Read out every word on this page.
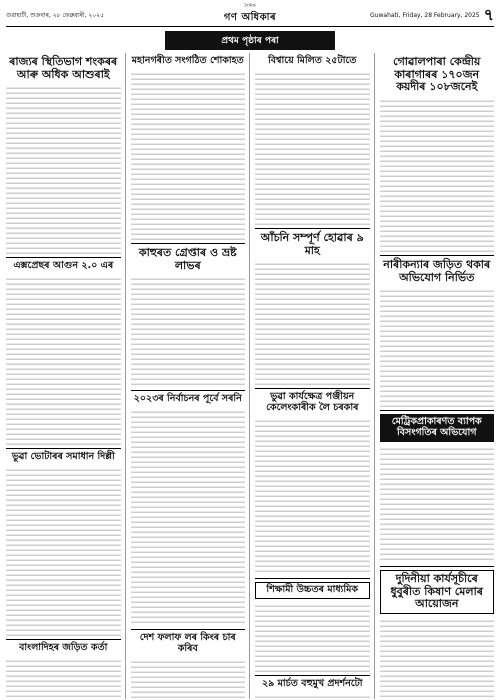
গুৱাহাটী, শুক্ৰবাৰ, ২৮ ফেব্ৰুৱাৰী, ২০২৫
দৈনিক
গণ অধিকাৰ	Guwahati, Friday, 28 February, 2025 ৭
প্ৰথম পৃষ্ঠাৰ পৰা
ৰাজ্যৰ স্থিতিভাগ শংকৰৰ আৰু অধিক আশুৰাই
এক্সপ্ৰেছৰ আগুন ২.০ এৰ
ভুৱা ভোটাৰৰ সমাধান দিল্লী
বাংলাদিহৰ জড়িত কৰ্তা
মহানগৰীত সংগঠিত শোকাহত
কাহুৰত গ্ৰেপ্তাৰ ও ভ্ৰষ্ট লাভৰ
২০২৩ৰ নিৰ্বাচনৰ পূৰ্বে সৰনি
দেশ ফলাফ লৰ কিংৰ চাৰ কৰিব
বিশ্বায়ে মিলিত ২৫টাতে
আঁচনি সম্পূৰ্ণ হোৱাৰ ৯ মাহ
ভুৱা কাৰ্যক্ষেত্ৰ পঞ্জীয়ন কেলেংকাৰীক লৈ চৰকাৰ
শিক্ষামী উচ্চতৰ মাধ্যমিক
২৯ মাৰ্চত বহুমুখ প্ৰদৰ্শনটো
গোৱালপাৰা কেন্দ্ৰীয় কাৰাগাৰৰ ১৭০জন কয়দীৰ ১০৮জনেই
নাৰীকন্যাৰ জড়িত থকাৰ অভিযোগ নিৰ্ভিত
মেট্ৰিকপ্ৰাকাৰণত ব্যাপক বিসংগতিৰ অভিযোগ
দুদিনীয়া কাৰ্যসূচীৰে ধুবুৰীত কিষাণ মেলাৰ আয়োজন
